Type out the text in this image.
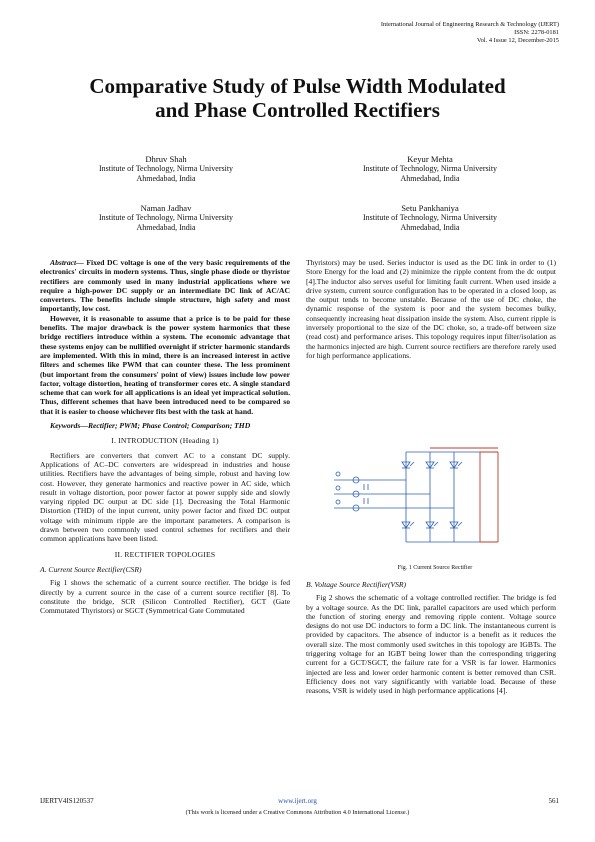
International Journal of Engineering Research & Technology (IJERT)
ISSN: 2278-0181
Vol. 4 Issue 12, December-2015
Comparative Study of Pulse Width Modulated
and Phase Controlled Rectifiers
Dhruv Shah
Institute of Technology, Nirma University
Ahmedabad, India
Keyur Mehta
Institute of Technology, Nirma University
Ahmedabad, India
Naman Jadhav
Institute of Technology, Nirma University
Ahmedabad, India
Setu Pankhaniya
Institute of Technology, Nirma University
Ahmedabad, India

Abstract— Fixed DC voltage is one of the very basic requirements of the electronics' circuits in modern systems. Thus, single phase diode or thyristor rectifiers are commonly used in many industrial applications where we require a high-power DC supply or an intermediate DC link of AC/AC converters. The benefits include simple structure, high safety and most importantly, low cost.

However, it is reasonable to assume that a price is to be paid for these benefits. The major drawback is the power system harmonics that these bridge rectifiers introduce within a system. The economic advantage that these systems enjoy can be nullified overnight if stricter harmonic standards are implemented. With this in mind, there is an increased interest in active filters and schemes like PWM that can counter these. The less prominent (but important from the consumers' point of view) issues include low power factor, voltage distortion, heating of transformer cores etc. A single standard scheme that can work for all applications is an ideal yet impractical solution. Thus, different schemes that have been introduced need to be compared so that it is easier to choose whichever fits best with the task at hand.

Keywords—Rectifier; PWM; Phase Control; Comparison; THD

I. INTRODUCTION (Heading 1)

Rectifiers are converters that convert AC to a constant DC supply. Applications of AC–DC converters are widespread in industries and house utilities. Rectifiers have the advantages of being simple, robust and having low cost. However, they generate harmonics and reactive power in AC side, which result in voltage distortion, poor power factor at power supply side and slowly varying rippled DC output at DC side [1]. Decreasing the Total Harmonic Distortion (THD) of the input current, unity power factor and fixed DC output voltage with minimum ripple are the important parameters. A comparison is drawn between two commonly used control schemes for rectifiers and their common applications have been listed.

II. RECTIFIER TOPOLOGIES
A. Current Source Rectifier(CSR)

Fig 1 shows the schematic of a current source rectifier. The bridge is fed directly by a current source in the case of a current source rectifier [8]. To constitute the bridge, SCR (Silicon Controlled Rectifier), GCT (Gate Commutated Thyristors) or SGCT (Symmetrical Gate Commutated

Thyristors) may be used. Series inductor is used as the DC link in order to (1) Store Energy for the load and (2) minimize the ripple content from the dc output [4].The inductor also serves useful for limiting fault current. When used inside a drive system, current source configuration has to be operated in a closed loop, as the output tends to become unstable. Because of the use of DC choke, the dynamic response of the system is poor and the system becomes bulky, consequently increasing heat dissipation inside the system. Also, current ripple is inversely proportional to the size of the DC choke, so, a trade-off between size (read cost) and performance arises. This topology requires input filter/isolation as the harmonics injected are high. Current source rectifiers are therefore rarely used for high performance applications.

Fig. 1 Current Source Rectifier
B. Voltage Source Rectifier(VSR)

Fig 2 shows the schematic of a voltage controlled rectifier. The bridge is fed by a voltage source. As the DC link, parallel capacitors are used which perform the function of storing energy and removing ripple content. Voltage source designs do not use DC inductors to form a DC link. The instantaneous current is provided by capacitors. The absence of inductor is a benefit as it reduces the overall size. The most commonly used switches in this topology are IGBTs. The triggering voltage for an IGBT being lower than the corresponding triggering current for a GCT/SGCT, the failure rate for a VSR is far lower. Harmonics injected are less and lower order harmonic content is better removed than CSR. Efficiency does not vary significantly with variable load. Because of these reasons, VSR is widely used in high performance applications [4].

IJERTV4IS120537	www.ijert.org	561
(This work is licensed under a Creative Commons Attribution 4.0 International License.)
